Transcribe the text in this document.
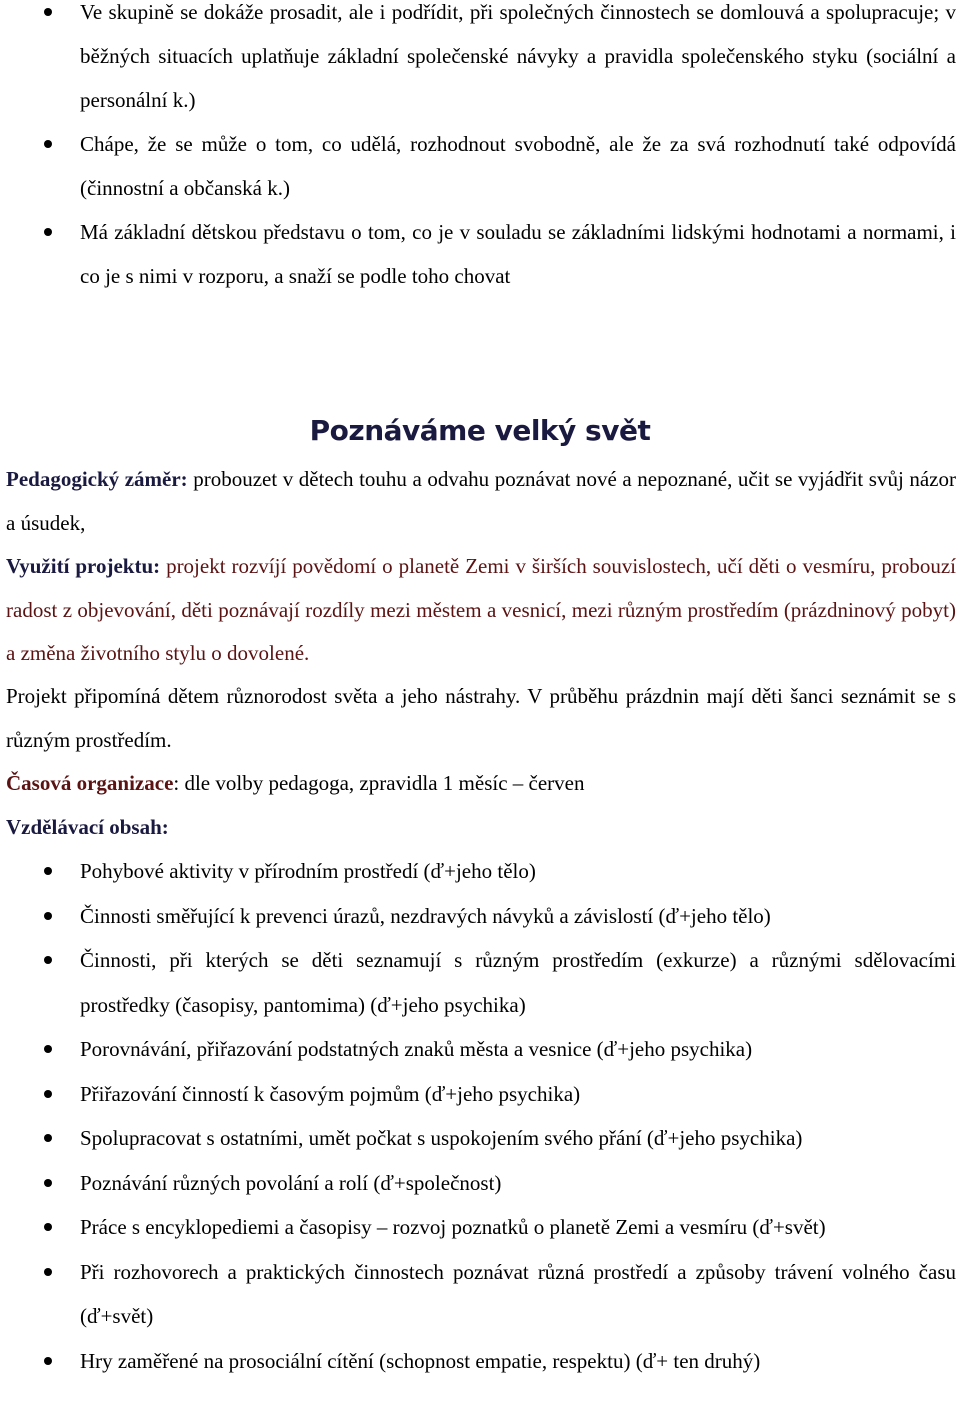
Ve skupině se dokáže prosadit, ale i podřídit, při společných činnostech se domlouvá a spolupracuje; v běžných situacích uplatňuje základní společenské návyky a pravidla společenského styku (sociální a personální k.)
Chápe, že se může o tom, co udělá, rozhodnout svobodně, ale že za svá rozhodnutí také odpovídá (činnostní a občanská k.)
Má základní dětskou představu o tom, co je v souladu se základními lidskými hodnotami a normami, i co je s nimi v rozporu, a snaží se podle toho chovat
Poznáváme velký svět

Pedagogický záměr: probouzet v dětech touhu a odvahu poznávat nové a nepoznané, učit se vyjádřit svůj názor a úsudek,

Využití projektu: projekt rozvíjí povědomí o planetě Zemi v širších souvislostech, učí děti o vesmíru, probouzí radost z objevování, děti poznávají rozdíly mezi městem a vesnicí, mezi různým prostředím (prázdninový pobyt) a změna životního stylu o dovolené.

Projekt připomíná dětem různorodost světa a jeho nástrahy. V průběhu prázdnin mají děti šanci seznámit se s různým prostředím.

Časová organizace: dle volby pedagoga, zpravidla 1 měsíc – červen

Vzdělávací obsah:

Pohybové aktivity v přírodním prostředí (ď+jeho tělo)
Činnosti směřující k prevenci úrazů, nezdravých návyků a závislostí (ď+jeho tělo)
Činnosti, při kterých se děti seznamují s různým prostředím (exkurze) a různými sdělovacími prostředky (časopisy, pantomima) (ď+jeho psychika)
Porovnávání, přiřazování podstatných znaků města a vesnice (ď+jeho psychika)
Přiřazování činností k časovým pojmům (ď+jeho psychika)
Spolupracovat s ostatními, umět počkat s uspokojením svého přání (ď+jeho psychika)
Poznávání různých povolání a rolí (ď+společnost)
Práce s encyklopediemi a časopisy – rozvoj poznatků o planetě Zemi a vesmíru (ď+svět)
Při rozhovorech a praktických činnostech poznávat různá prostředí a způsoby trávení volného času (ď+svět)
Hry zaměřené na prosociální cítění (schopnost empatie, respektu) (ď+ ten druhý)
